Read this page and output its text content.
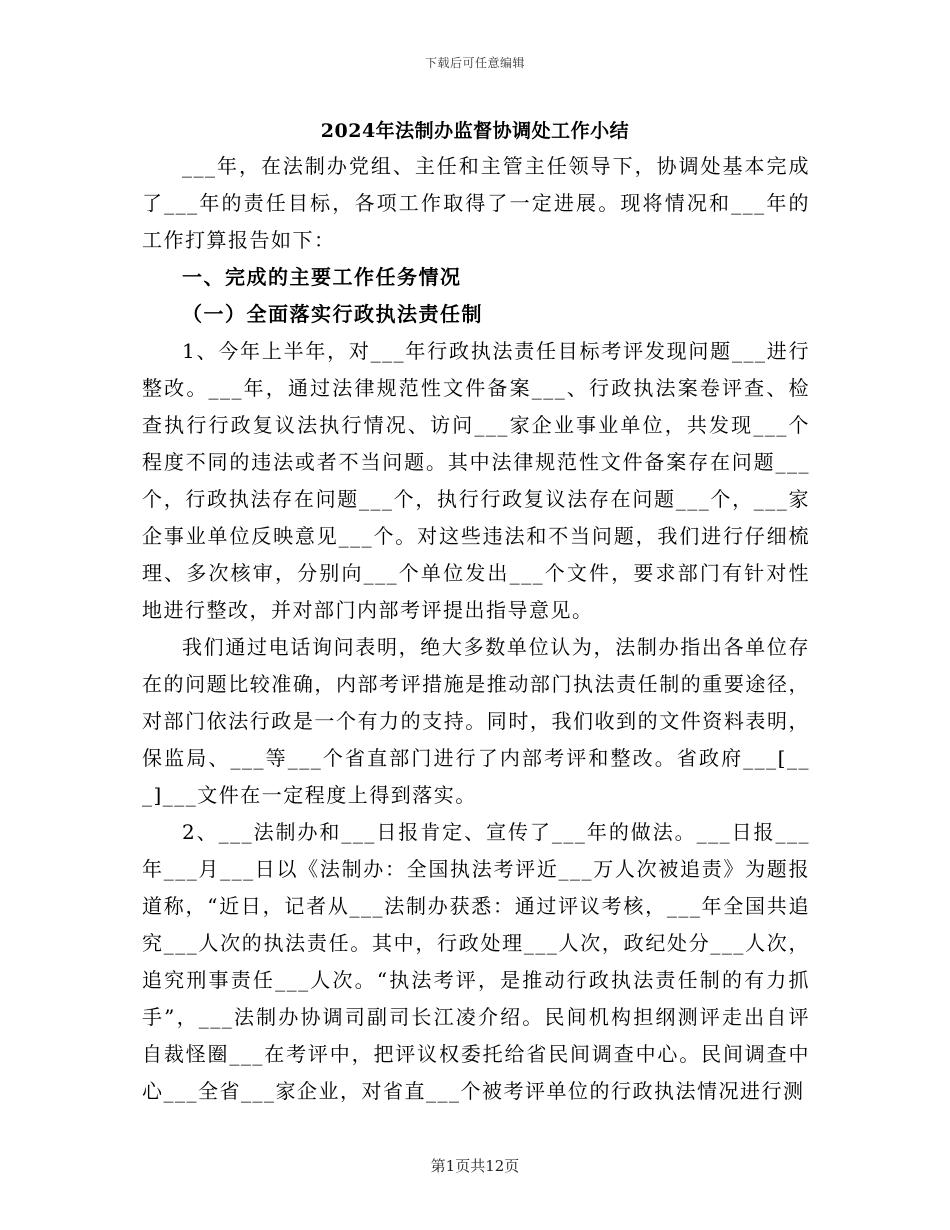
下载后可任意编辑
2024年法制办监督协调处工作小结

___年，在法制办党组、主任和主管主任领导下，协调处基本完成了___年的责任目标，各项工作取得了一定进展。现将情况和___年的工作打算报告如下：

一、完成的主要工作任务情况
（一）全面落实行政执法责任制

1、今年上半年，对___年行政执法责任目标考评发现问题___进行整改。___年，通过法律规范性文件备案___、行政执法案卷评查、检查执行行政复议法执行情况、访问___家企业事业单位，共发现___个程度不同的违法或者不当问题。其中法律规范性文件备案存在问题___个，行政执法存在问题___个，执行行政复议法存在问题___个，___家企事业单位反映意见___个。对这些违法和不当问题，我们进行仔细梳理、多次核审，分别向___个单位发出___个文件，要求部门有针对性地进行整改，并对部门内部考评提出指导意见。

我们通过电话询问表明，绝大多数单位认为，法制办指出各单位存在的问题比较准确，内部考评措施是推动部门执法责任制的重要途径，对部门依法行政是一个有力的支持。同时，我们收到的文件资料表明，保监局、___等___个省直部门进行了内部考评和整改。省政府___[___]___文件在一定程度上得到落实。

2、___法制办和___日报肯定、宣传了___年的做法。___日报___年___月___日以《法制办：全国执法考评近___万人次被追责》为题报道称，“近日，记者从___法制办获悉：通过评议考核，___年全国共追究___人次的执法责任。其中，行政处理___人次，政纪处分___人次，追究刑事责任___人次。“执法考评，是推动行政执法责任制的有力抓手”，___法制办协调司副司长江凌介绍。民间机构担纲测评走出自评自裁怪圈___在考评中，把评议权委托给省民间调查中心。民间调查中心___全省___家企业，对省直___个被考评单位的行政执法情况进行测

第1页共12页
